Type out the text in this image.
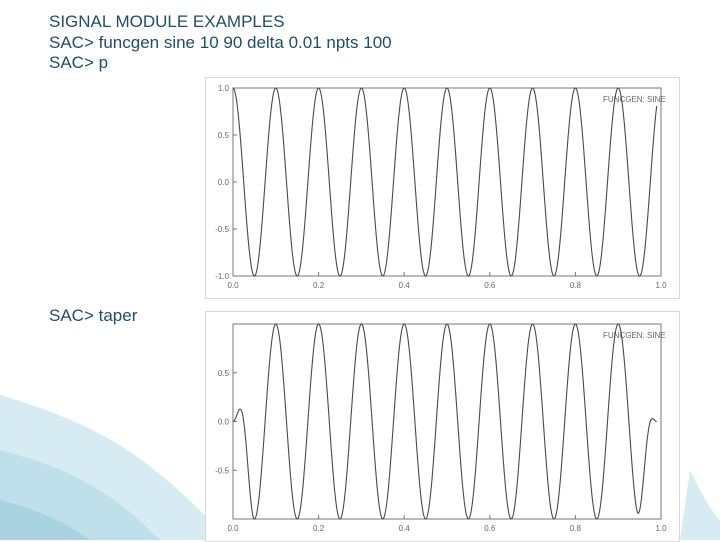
SIGNAL MODULE EXAMPLES
SAC> funcgen sine 10 90 delta 0.01 npts 100
SAC> p
SAC> taper
0.0	0.2	0.4	0.6	0.8	1.0
1.0
0.5
0.0
-0.5
-1.0
FUNCGEN: SINE
0.0	0.2	0.4	0.6	0.8	1.0
0.5
0.0
-0.5
FUNCGEN: SINE
